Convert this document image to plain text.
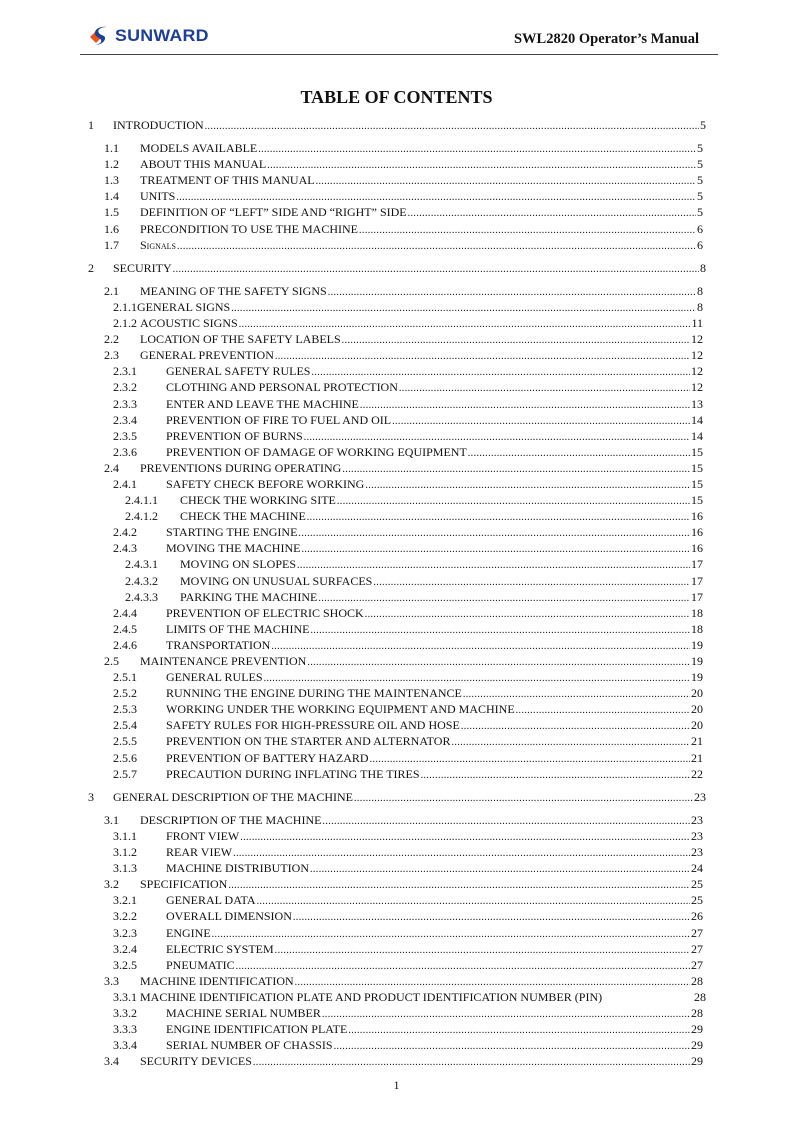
SUNWARD	SWL2820 Operator’s Manual
TABLE OF CONTENTS
1	INTRODUCTION .....	5
1.1	MODELS AVAILABLE .....	5
1.2	ABOUT THIS MANUAL .....	5
1.3	TREATMENT OF THIS MANUAL .....	5
1.4	UNITS .....	5
1.5	DEFINITION OF “LEFT” SIDE AND “RIGHT” SIDE .....	5
1.6	PRECONDITION TO USE THE MACHINE .....	6
1.7	Signals .....	6
2	SECURITY .....	8
2.1	MEANING OF THE SAFETY SIGNS .....	8
2.1.1 GENERAL SIGNS .....	8
2.1.2 ACOUSTIC SIGNS .....	11
2.2	LOCATION OF THE SAFETY LABELS .....	12
2.3	GENERAL PREVENTION .....	12
2.3.1	GENERAL SAFETY RULES .....	12
2.3.2	CLOTHING AND PERSONAL PROTECTION .....	12
2.3.3	ENTER AND LEAVE THE MACHINE .....	13
2.3.4	PREVENTION OF FIRE TO FUEL AND OIL .....	14
2.3.5	PREVENTION OF BURNS .....	14
2.3.6	PREVENTION OF DAMAGE OF WORKING EQUIPMENT .....	15
2.4	PREVENTIONS DURING OPERATING .....	15
2.4.1	SAFETY CHECK BEFORE WORKING .....	15
2.4.1.1	CHECK THE WORKING SITE .....	15
2.4.1.2	CHECK THE MACHINE .....	16
2.4.2	STARTING THE ENGINE .....	16
2.4.3	MOVING THE MACHINE .....	16
2.4.3.1	MOVING ON SLOPES .....	17
2.4.3.2	MOVING ON UNUSUAL SURFACES .....	17
2.4.3.3	PARKING THE MACHINE .....	17
2.4.4	PREVENTION OF ELECTRIC SHOCK .....	18
2.4.5	LIMITS OF THE MACHINE .....	18
2.4.6	TRANSPORTATION .....	19
2.5	MAINTENANCE PREVENTION .....	19
2.5.1	GENERAL RULES .....	19
2.5.2	RUNNING THE ENGINE DURING THE MAINTENANCE .....	20
2.5.3	WORKING UNDER THE WORKING EQUIPMENT AND MACHINE .....	20
2.5.4	SAFETY RULES FOR HIGH-PRESSURE OIL AND HOSE .....	20
2.5.5	PREVENTION ON THE STARTER AND ALTERNATOR .....	21
2.5.6	PREVENTION OF BATTERY HAZARD .....	21
2.5.7	PRECAUTION DURING INFLATING THE TIRES .....	22
3	GENERAL DESCRIPTION OF THE MACHINE .....	23
3.1	DESCRIPTION OF THE MACHINE .....	23
3.1.1	FRONT VIEW .....	23
3.1.2	REAR VIEW .....	23
3.1.3	MACHINE DISTRIBUTION .....	24
3.2	SPECIFICATION .....	25
3.2.1	GENERAL DATA .....	25
3.2.2	OVERALL DIMENSION .....	26
3.2.3	ENGINE .....	27
3.2.4	ELECTRIC SYSTEM .....	27
3.2.5	PNEUMATIC .....	27
3.3	MACHINE IDENTIFICATION .....	28
3.3.1 MACHINE IDENTIFICATION PLATE AND PRODUCT IDENTIFICATION NUMBER (PIN)	28
3.3.2	MACHINE SERIAL NUMBER .....	28
3.3.3	ENGINE IDENTIFICATION PLATE .....	29
3.3.4	SERIAL NUMBER OF CHASSIS .....	29
3.4	SECURITY DEVICES .....	29
1
